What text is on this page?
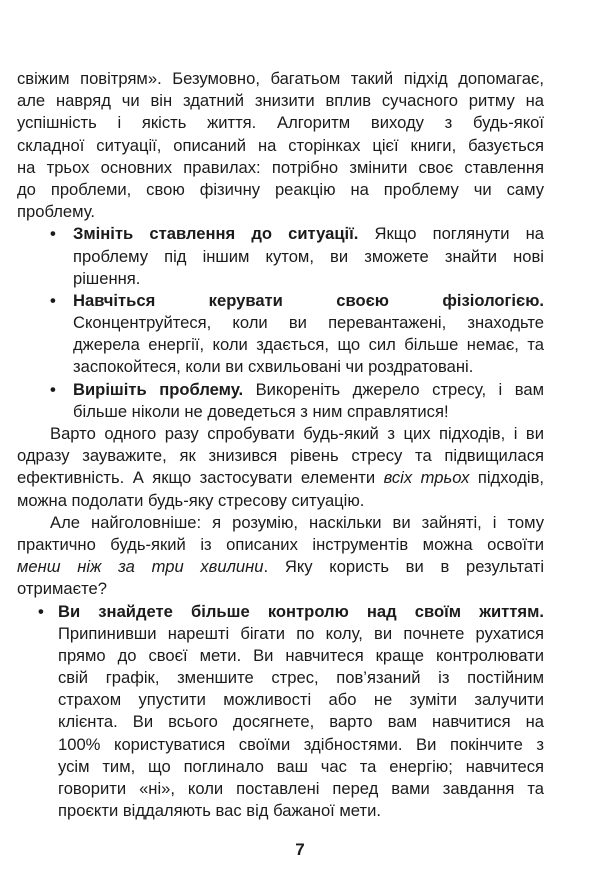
свіжим повітрям». Безумовно, багатьом такий підхід допомагає,
але навряд чи він здатний знизити вплив сучасного ритму на
успішність і якість життя. Алгоритм виходу з будь-якої
складної ситуації, описаний на сторінках цієї книги, базується
на трьох основних правилах: потрібно змінити своє ставлення
до проблеми, свою фізичну реакцію на проблему чи саму
проблему.
• Змініть ставлення до ситуації. Якщо поглянути на
проблему під іншим кутом, ви зможете знайти нові
рішення.
• Навчіться керувати своєю фізіологією.
Сконцентруйтеся, коли ви перевантажені, знаходьте
джерела енергії, коли здається, що сил більше немає, та
заспокойтеся, коли ви схвильовані чи роздратовані.
• Вирішіть проблему. Викореніть джерело стресу, і вам
більше ніколи не доведеться з ним справлятися!
Варто одного разу спробувати будь-який з цих підходів, і ви
одразу зауважите, як знизився рівень стресу та підвищилася
ефективність. А якщо застосувати елементи всіх трьох підходів,
можна подолати будь-яку стресову ситуацію.
Але найголовніше: я розумію, наскільки ви зайняті, і тому
практично будь-який із описаних інструментів можна освоїти
менш ніж за три хвилини. Яку користь ви в результаті
отримаєте?
• Ви знайдете більше контролю над своїм життям.
Припинивши нарешті бігати по колу, ви почнете рухатися
прямо до своєї мети. Ви навчитеся краще контролювати
свій графік, зменшите стрес, пов’язаний із постійним
страхом упустити можливості або не зуміти залучити
клієнта. Ви всього досягнете, варто вам навчитися на
100% користуватися своїми здібностями. Ви покінчите з
усім тим, що поглинало ваш час та енергію; навчитеся
говорити «ні», коли поставлені перед вами завдання та
проєкти віддаляють вас від бажаної мети.
7
